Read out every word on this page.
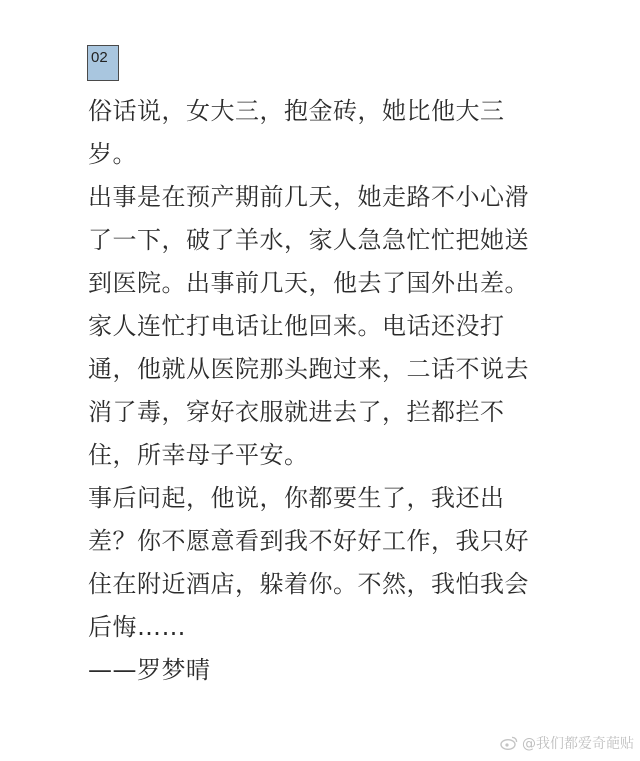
02
俗话说，女大三，抱金砖，她比他大三
岁。
出事是在预产期前几天，她走路不小心滑
了一下，破了羊水，家人急急忙忙把她送
到医院。出事前几天，他去了国外出差。
家人连忙打电话让他回来。电话还没打
通，他就从医院那头跑过来，二话不说去
消了毒，穿好衣服就进去了，拦都拦不
住，所幸母子平安。
事后问起，他说，你都要生了，我还出
差？你不愿意看到我不好好工作，我只好
住在附近酒店，躲着你。不然，我怕我会
后悔……
——罗梦晴
@我们都爱奇葩贴
